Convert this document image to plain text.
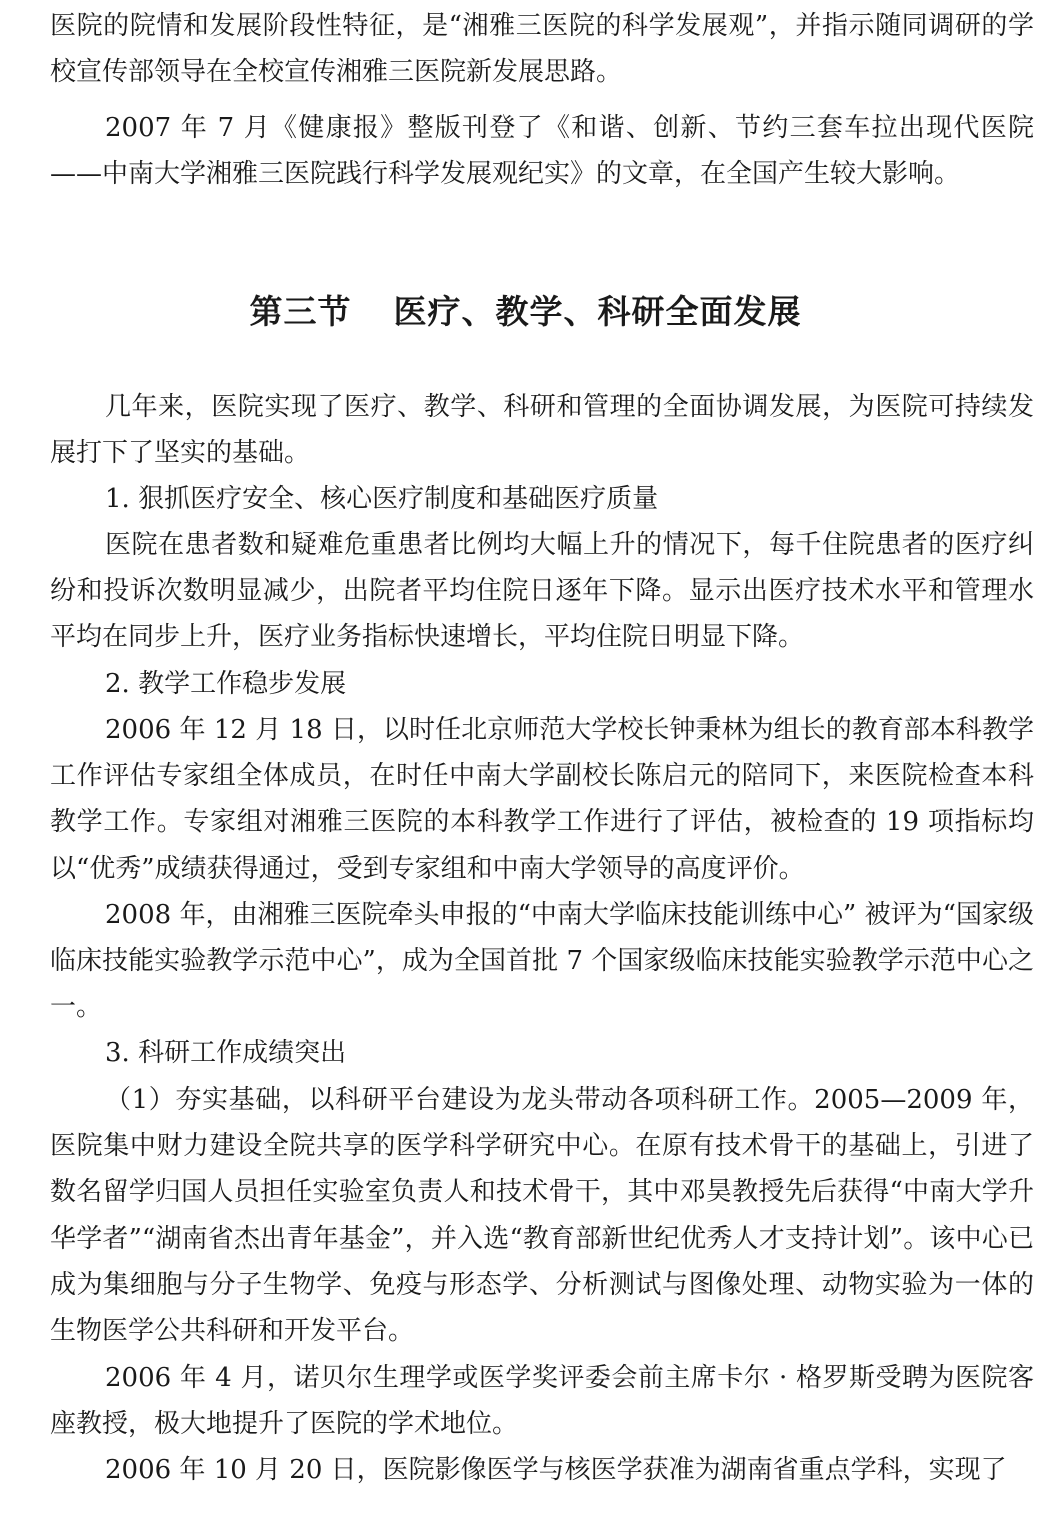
医院的院情和发展阶段性特征，是“湘雅三医院的科学发展观”，并指示随同调研的学校宣传部领导在全校宣传湘雅三医院新发展思路。

2007 年 7 月《健康报》整版刊登了《和谐、创新、节约三套车拉出现代医院——中南大学湘雅三医院践行科学发展观纪实》的文章，在全国产生较大影响。

第三节 医疗、教学、科研全面发展

几年来，医院实现了医疗、教学、科研和管理的全面协调发展，为医院可持续发展打下了坚实的基础。

1. 狠抓医疗安全、核心医疗制度和基础医疗质量

医院在患者数和疑难危重患者比例均大幅上升的情况下，每千住院患者的医疗纠纷和投诉次数明显减少，出院者平均住院日逐年下降。显示出医疗技术水平和管理水平均在同步上升，医疗业务指标快速增长，平均住院日明显下降。

2. 教学工作稳步发展

2006 年 12 月 18 日，以时任北京师范大学校长钟秉林为组长的教育部本科教学工作评估专家组全体成员，在时任中南大学副校长陈启元的陪同下，来医院检查本科教学工作。专家组对湘雅三医院的本科教学工作进行了评估，被检查的 19 项指标均以“优秀”成绩获得通过，受到专家组和中南大学领导的高度评价。

2008 年，由湘雅三医院牵头申报的“中南大学临床技能训练中心” 被评为“国家级临床技能实验教学示范中心”，成为全国首批 7 个国家级临床技能实验教学示范中心之一。

3. 科研工作成绩突出

（1）夯实基础，以科研平台建设为龙头带动各项科研工作。2005—2009 年，医院集中财力建设全院共享的医学科学研究中心。在原有技术骨干的基础上，引进了数名留学归国人员担任实验室负责人和技术骨干，其中邓昊教授先后获得“中南大学升华学者”“湖南省杰出青年基金”，并入选“教育部新世纪优秀人才支持计划”。该中心已成为集细胞与分子生物学、免疫与形态学、分析测试与图像处理、动物实验为一体的生物医学公共科研和开发平台。

2006 年 4 月，诺贝尔生理学或医学奖评委会前主席卡尔 · 格罗斯受聘为医院客座教授，极大地提升了医院的学术地位。

2006 年 10 月 20 日，医院影像医学与核医学获准为湖南省重点学科，实现了
